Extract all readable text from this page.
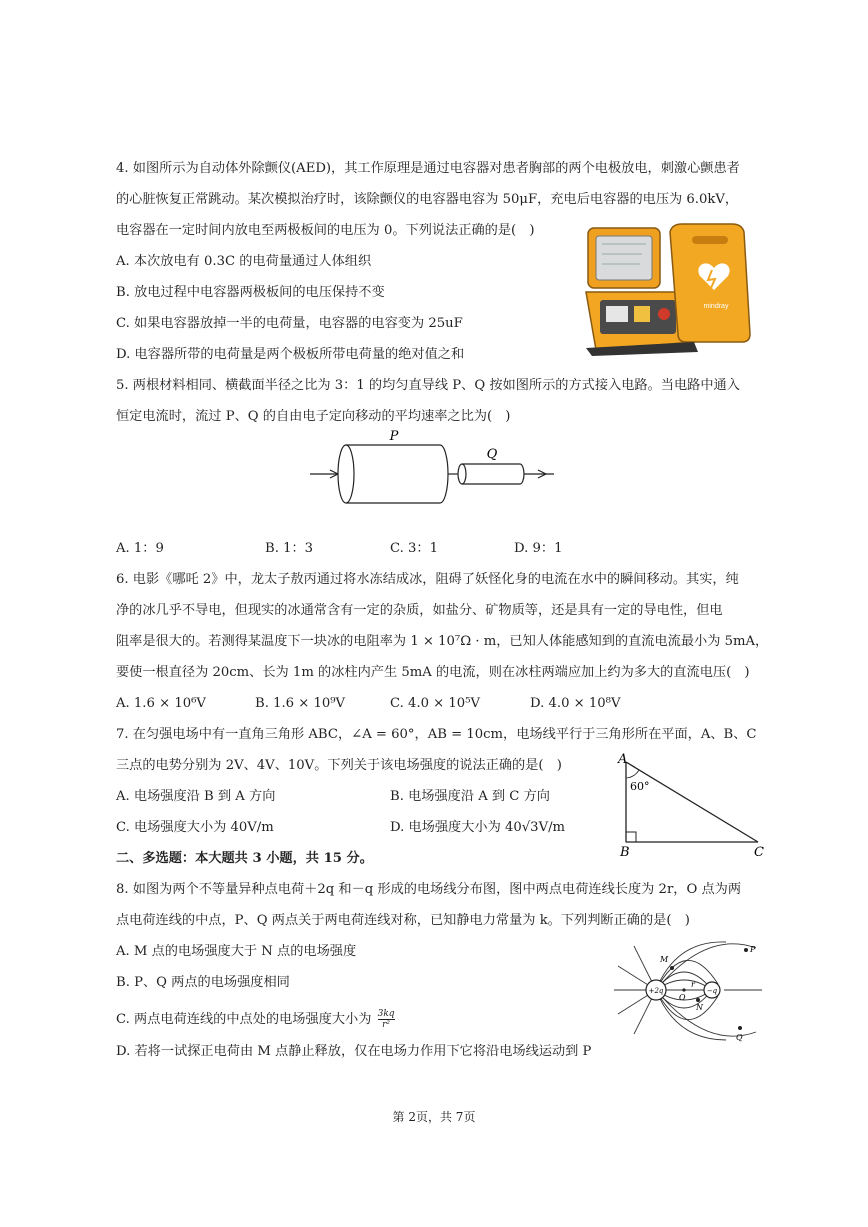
4. 如图所示为自动体外除颤仪(AED)，其工作原理是通过电容器对患者胸部的两个电极放电，刺激心颤患者
的心脏恢复正常跳动。某次模拟治疗时，该除颤仪的电容器电容为 50μF，充电后电容器的电压为 6.0kV，
电容器在一定时间内放电至两极板间的电压为 0。下列说法正确的是(　)
A. 本次放电有 0.3C 的电荷量通过人体组织
B. 放电过程中电容器两极板间的电压保持不变
C. 如果电容器放掉一半的电荷量，电容器的电容变为 25uF
D. 电容器所带的电荷量是两个极板所带电荷量的绝对值之和
mindray
5. 两根材料相同、横截面半径之比为 3：1 的均匀直导线 P、Q 按如图所示的方式接入电路。当电路中通入
恒定电流时，流过 P、Q 的自由电子定向移动的平均速率之比为(　)
P
Q
A. 1：9	B. 1：3	C. 3：1	D. 9：1
6. 电影《哪吒 2》中，龙太子敖丙通过将水冻结成冰，阻碍了妖怪化身的电流在水中的瞬间移动。其实，纯
净的冰几乎不导电，但现实的冰通常含有一定的杂质，如盐分、矿物质等，还是具有一定的导电性，但电
阻率是很大的。若测得某温度下一块冰的电阻率为 1 × 10⁷Ω · m，已知人体能感知到的直流电流最小为 5mA，
要使一根直径为 20cm、长为 1m 的冰柱内产生 5mA 的电流，则在冰柱两端应加上约为多大的直流电压(　)
A. 1.6 × 10⁶V	B. 1.6 × 10⁹V	C. 4.0 × 10⁵V	D. 4.0 × 10⁸V
7. 在匀强电场中有一直角三角形 ABC，∠A = 60°，AB = 10cm，电场线平行于三角形所在平面，A、B、C
三点的电势分别为 2V、4V、10V。下列关于该电场强度的说法正确的是(　)
A. 电场强度沿 B 到 A 方向	B. 电场强度沿 A 到 C 方向
C. 电场强度大小为 40V/m	D. 电场强度大小为 40√3V/m
A
60°
B	C
二、多选题：本大题共 3 小题，共 15 分。
8. 如图为两个不等量异种点电荷＋2q 和－q 形成的电场线分布图，图中两点电荷连线长度为 2r，O 点为两
点电荷连线的中点，P、Q 两点关于两电荷连线对称，已知静电力常量为 k。下列判断正确的是(　)
A. M 点的电场强度大于 N 点的电场强度
B. P、Q 两点的电场强度相同
C. 两点电荷连线的中点处的电场强度大小为 $\frac{3kq}{\text{r²}}$
D. 若将一试探正电荷由 M 点静止释放，仅在电场力作用下它将沿电场线运动到 P
+2q	−q
M
N
O
r
P
Q
第 2页，共 7页
